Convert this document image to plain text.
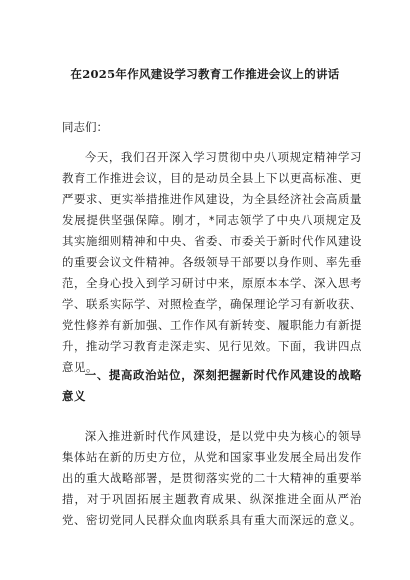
在2025年作风建设学习教育工作推进会议上的讲话
同志们：
今天，我们召开深入学习贯彻中央八项规定精神学习教育工作推进会议，目的是动员全县上下以更高标准、更严要求、更实举措推进作风建设，为全县经济社会高质量发展提供坚强保障。刚才，*同志领学了中央八项规定及其实施细则精神和中央、省委、市委关于新时代作风建设的重要会议文件精神。各级领导干部要以身作则、率先垂范，全身心投入到学习研讨中来，原原本本学、深入思考学、联系实际学、对照检查学，确保理论学习有新收获、党性修养有新加强、工作作风有新转变、履职能力有新提升，推动学习教育走深走实、见行见效。下面，我讲四点意见。
一、提高政治站位，深刻把握新时代作风建设的战略意义
深入推进新时代作风建设，是以党中央为核心的领导集体站在新的历史方位，从党和国家事业发展全局出发作出的重大战略部署，是贯彻落实党的二十大精神的重要举措，对于巩固拓展主题教育成果、纵深推进全面从严治党、密切党同人民群众血肉联系具有重大而深远的意义。
